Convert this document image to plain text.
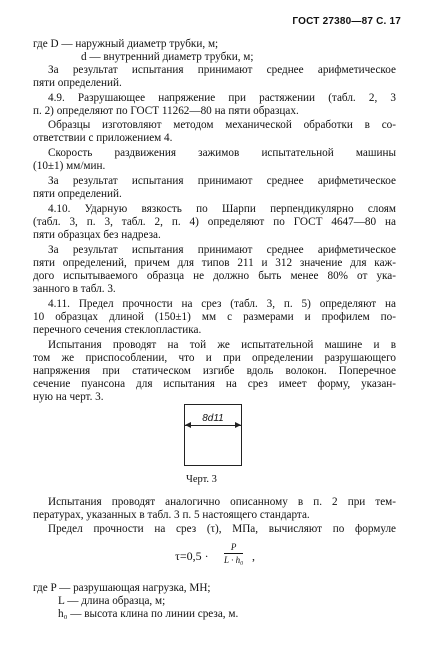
ГОСТ 27380—87 С. 17
где D — наружный диаметр трубки, м;
d — внутренний диаметр трубки, м;
За результат испытания принимают среднее арифметическое
пяти определений.
4.9. Разрушающее напряжение при растяжении (табл. 2, 3
п. 2) определяют по ГОСТ 11262—80 на пяти образцах.
Образцы изготовляют методом механической обработки в со-
ответствии с приложением 4.
Скорость раздвижения зажимов испытательной машины
(10±1) мм/мин.
За результат испытания принимают среднее арифметическое
пяти определений.
4.10. Ударную вязкость по Шарпи перпендикулярно слоям
(табл. 3, п. 3, табл. 2, п. 4) определяют по ГОСТ 4647—80 на
пяти образцах без надреза.
За результат испытания принимают среднее арифметическое
пяти определений, причем для типов 211 и 312 значение для каж-
дого испытываемого образца не должно быть менее 80% от ука-
занного в табл. 3.
4.11. Предел прочности на срез (табл. 3, п. 5) определяют на
10 образцах длиной (150±1) мм с размерами и профилем по-
перечного сечения стеклопластика.
Испытания проводят на той же испытательной машине и в
том же приспособлении, что и при определении разрушающего
напряжения при статическом изгибе вдоль волокон. Поперечное
сечение пуансона для испытания на срез имеет форму, указан-
ную на черт. 3.
8d11
Черт. 3
Испытания проводят аналогично описанному в п. 2 при тем-
пературах, указанных в табл. 3 п. 5 настоящего стандарта.
Предел прочности на срез (τ), МПа, вычисляют по формуле
τ=0,5 ·
P
L · h₀ ,
где P — разрушающая нагрузка, МН;
L — длина образца, м;
h₀ — высота клина по линии среза, м.
